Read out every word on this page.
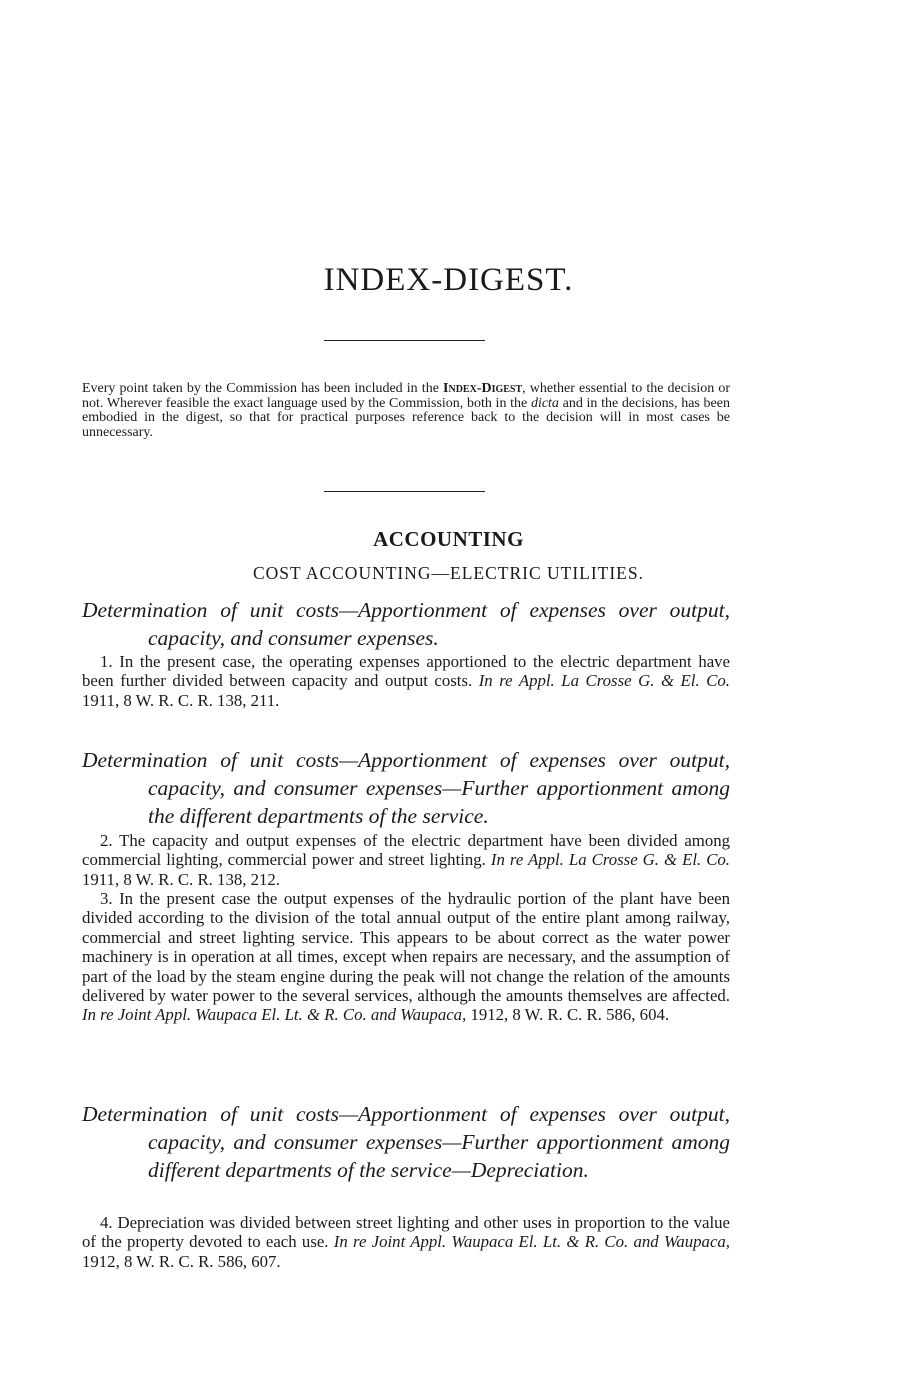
INDEX-DIGEST.
Every point taken by the Commission has been included in the Index-Digest, whether essential to the decision or not. Wherever feasible the exact language used by the Commission, both in the dicta and in the decisions, has been embodied in the digest, so that for practical purposes reference back to the decision will in most cases be unnecessary.
ACCOUNTING
COST ACCOUNTING—ELECTRIC UTILITIES.
Determination of unit costs—Apportionment of expenses over output, capacity, and consumer expenses.
1. In the present case, the operating expenses apportioned to the electric department have been further divided between capacity and output costs. In re Appl. La Crosse G. & El. Co. 1911, 8 W. R. C. R. 138, 211.
Determination of unit costs—Apportionment of expenses over output, capacity, and consumer expenses—Further apportionment among the different departments of the service.
2. The capacity and output expenses of the electric department have been divided among commercial lighting, commercial power and street lighting. In re Appl. La Crosse G. & El. Co. 1911, 8 W. R. C. R. 138, 212.
3. In the present case the output expenses of the hydraulic portion of the plant have been divided according to the division of the total annual output of the entire plant among railway, commercial and street lighting service. This appears to be about correct as the water power machinery is in operation at all times, except when repairs are necessary, and the assumption of part of the load by the steam engine during the peak will not change the relation of the amounts delivered by water power to the several services, although the amounts themselves are affected. In re Joint Appl. Waupaca El. Lt. & R. Co. and Waupaca, 1912, 8 W. R. C. R. 586, 604.
Determination of unit costs—Apportionment of expenses over output, capacity, and consumer expenses—Further apportionment among different departments of the service—Depreciation.
4. Depreciation was divided between street lighting and other uses in proportion to the value of the property devoted to each use. In re Joint Appl. Waupaca El. Lt. & R. Co. and Waupaca, 1912, 8 W. R. C. R. 586, 607.
